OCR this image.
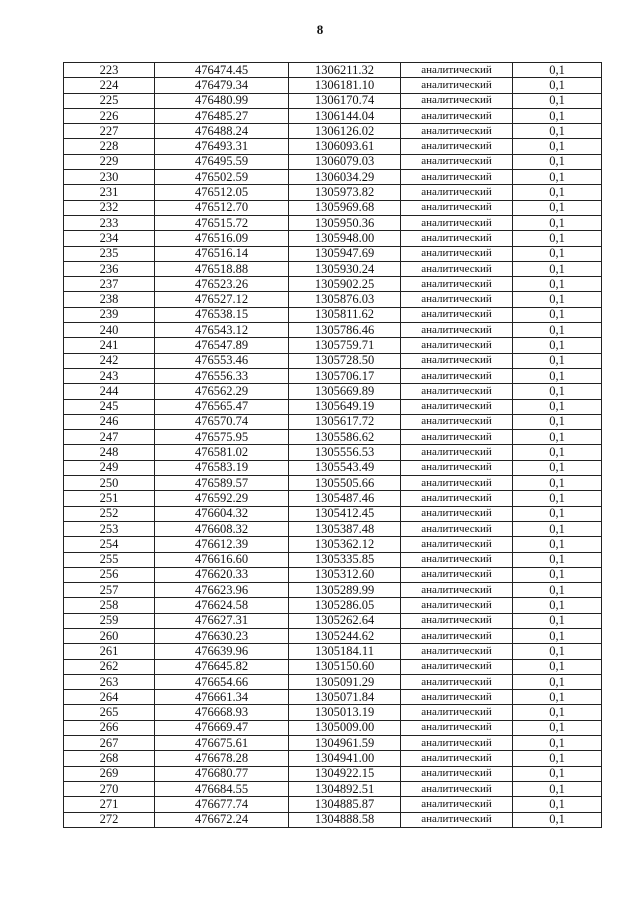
8
223	476474.45	1306211.32	аналитический	0,1
224	476479.34	1306181.10	аналитический	0,1
225	476480.99	1306170.74	аналитический	0,1
226	476485.27	1306144.04	аналитический	0,1
227	476488.24	1306126.02	аналитический	0,1
228	476493.31	1306093.61	аналитический	0,1
229	476495.59	1306079.03	аналитический	0,1
230	476502.59	1306034.29	аналитический	0,1
231	476512.05	1305973.82	аналитический	0,1
232	476512.70	1305969.68	аналитический	0,1
233	476515.72	1305950.36	аналитический	0,1
234	476516.09	1305948.00	аналитический	0,1
235	476516.14	1305947.69	аналитический	0,1
236	476518.88	1305930.24	аналитический	0,1
237	476523.26	1305902.25	аналитический	0,1
238	476527.12	1305876.03	аналитический	0,1
239	476538.15	1305811.62	аналитический	0,1
240	476543.12	1305786.46	аналитический	0,1
241	476547.89	1305759.71	аналитический	0,1
242	476553.46	1305728.50	аналитический	0,1
243	476556.33	1305706.17	аналитический	0,1
244	476562.29	1305669.89	аналитический	0,1
245	476565.47	1305649.19	аналитический	0,1
246	476570.74	1305617.72	аналитический	0,1
247	476575.95	1305586.62	аналитический	0,1
248	476581.02	1305556.53	аналитический	0,1
249	476583.19	1305543.49	аналитический	0,1
250	476589.57	1305505.66	аналитический	0,1
251	476592.29	1305487.46	аналитический	0,1
252	476604.32	1305412.45	аналитический	0,1
253	476608.32	1305387.48	аналитический	0,1
254	476612.39	1305362.12	аналитический	0,1
255	476616.60	1305335.85	аналитический	0,1
256	476620.33	1305312.60	аналитический	0,1
257	476623.96	1305289.99	аналитический	0,1
258	476624.58	1305286.05	аналитический	0,1
259	476627.31	1305262.64	аналитический	0,1
260	476630.23	1305244.62	аналитический	0,1
261	476639.96	1305184.11	аналитический	0,1
262	476645.82	1305150.60	аналитический	0,1
263	476654.66	1305091.29	аналитический	0,1
264	476661.34	1305071.84	аналитический	0,1
265	476668.93	1305013.19	аналитический	0,1
266	476669.47	1305009.00	аналитический	0,1
267	476675.61	1304961.59	аналитический	0,1
268	476678.28	1304941.00	аналитический	0,1
269	476680.77	1304922.15	аналитический	0,1
270	476684.55	1304892.51	аналитический	0,1
271	476677.74	1304885.87	аналитический	0,1
272	476672.24	1304888.58	аналитический	0,1
